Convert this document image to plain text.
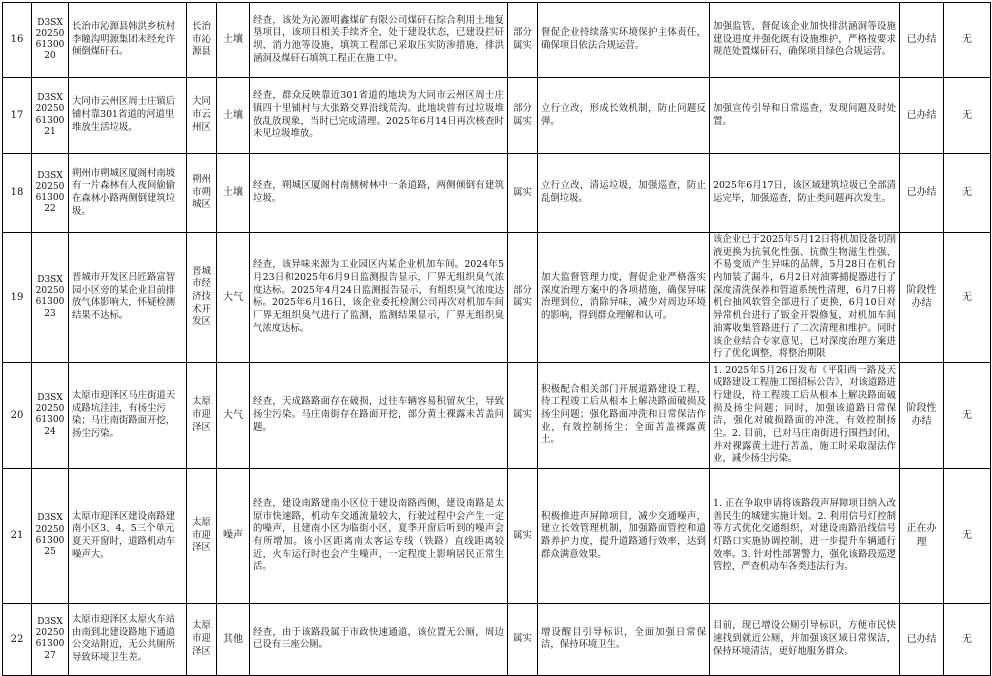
16	D3SX202506130020	长治市沁源县韩洪乡杭村李瞳沟明源集团未经允许倾倒煤矸石。	长治市沁源县	土壤	经查，该处为沁源明鑫煤矿有限公司煤矸石综合利用土地复垦项目，该项目相关手续齐全，处于建设状态，已建设拦矸坝、消力池等设施，填筑工程部已采取压实防渗措施，排洪涵洞及煤矸石填筑工程正在施工中。	部分属实	督促企业持续落实环境保护主体责任，确保项目依法合规运营。	加强监管，督促该企业加快排洪涵洞等设施建设进度并强化既有设施维护，严格按要求规范处置煤矸石，确保项目绿色合规运营。	已办结	无
17	D3SX202506130021	大同市云州区周士庄镇后铺村靠301省道的河道里堆放生活垃圾。	大同市云州区	土壤	经查，群众反映靠近301省道的地块为大同市云州区周士庄镇四十里铺村与大张路交界沿线荒沟。此地块曾有过垃圾堆放乱放现象，当时已完成清理。2025年6月14日再次核查时未见垃圾堆放。	部分属实	立行立改，形成长效机制，防止问题反弹。	加强宣传引导和日常巡查，发现问题及时处置。	已办结	无
18	D3SX202506130022	朔州市朔城区厦阁村南坡有一片森林有人夜间偷偷在森林小路两侧倒建筑垃圾。	朔州市朔城区	土壤	经查，朔城区厦阁村南侧树林中一条道路，两侧倾倒有建筑垃圾。	属实	立行立改，清运垃圾，加强巡查，防止乱倒垃圾。	2025年6月17日，该区域建筑垃圾已全部清运完毕，加强巡查，防止类问题再次发生。	已办结	无
19	D3SX202506130023	晋城市开发区吕匠路富智园小区旁的某企业目前排放气体影响大，怀疑检测结果不达标。	晋城市经济技术开发区	大气	经查，该异味来源为工业园区内某企业机加车间。2024年5月23日和2025年6月9日监测报告显示，厂界无组织臭气浓度达标。2025年4月24日监测报告显示，有组织臭气浓度达标。2025年6月16日，该企业委托检测公司再次对机加车间厂界无组织臭气进行了监测，监测结果显示，厂界无组织臭气浓度达标。	部分属实	加大监督管理力度，督促企业严格落实深度治理方案中的各项措施，确保异味治理到位，消除异味，减少对周边环境的影响，得到群众理解和认可。	该企业已于2025年5月12日将机加设备切削液更换为抗氧化性强、抗微生物滋生性强、不易变质产生异味的品牌，5月28日在机台内加装了漏斗，6月2日对油雾捕捉器进行了深度清洗保养和管道系统性清理，6月7日将机台抽风软管全部进行了更换，6月10日对异常机台进行了钣金开裂修复，对机加车间油雾收集管路进行了二次清理和维护。同时该企业结合专家意见，已对深度治理方案进行了优化调整，将整治期限	阶段性办结	无
20	D3SX202506130024	太原市迎泽区马庄街道天成路坑洼洼，有扬尘污染；马庄南街路面开挖，扬尘污染。	太原市迎泽区	大气	经查，天成路路面存在破损，过往车辆容易积留灰尘，导致扬尘污染。马庄南街存在路面开挖，部分黄土裸露未苫盖问题。	属实	积极配合相关部门开展道路建设工程，待工程竣工后从根本上解决路面破损及扬尘问题；强化路面冲洗和日常保洁作业，有效控制扬尘；全面苫盖裸露黄土。	1. 2025年5月26日发布《平阳西一路及天成路建设工程施工图招标公告》，对该道路进行建设，待工程竣工后从根本上解决路面破损及扬尘问题；同时，加强该道路日常保洁，强化对破损路面的冲洗，有效控制扬尘。2. 目前，已对马庄南街进行围挡封闭，并对裸露黄土进行苫盖，施工时采取湿法作业，减少扬尘污染。	阶段性办结	无
21	D3SX202506130025	太原市迎泽区建设南路建南小区3、4、5三个单元夏天开窗时，道路机动车噪声大。	太原市迎泽区	噪声	经查，建设南路建南小区位于建设南路西侧，建设南路是太原市快速路，机动车交通流量较大，行驶过程中会产生一定的噪声，且建南小区为临街小区，夏季开窗后听到的噪声会有所增加。该小区距离南太客运专线（铁路）直线距离较近，火车运行时也会产生噪声，一定程度上影响居民正常生活。	属实	积极推进声屏障项目，减少交通噪声，建立长效管理机制，加强路面管控和道路养护力度，提升道路通行效率，达到群众满意效果。	1. 正在争取申请将该路段声屏障项目纳入改善民生的城建实施计划。2. 利用信号灯控制等方式优化交通组织，对建设南路沿线信号灯路口实施协调控制，进一步提升车辆通行效率。3. 针对性部署警力，强化该路段巡逻管控，严查机动车各类违法行为。	正在办理	无
22	D3SX202506130027	太原市迎泽区太原火车站由南到北建设路地下通道公交站附近，无公共厕所导致环境卫生差。	太原市迎泽区	其他	经查，由于该路段属于市政快速通道，该位置无公厕，周边已设有三座公厕。	属实	增设醒目引导标识，全面加强日常保洁，保持环境卫生。	目前，现已增设公厕引导标识，方便市民快速找到就近公厕，并加强该区域日常保洁，保持环境清洁，更好地服务群众。	已办结	无
